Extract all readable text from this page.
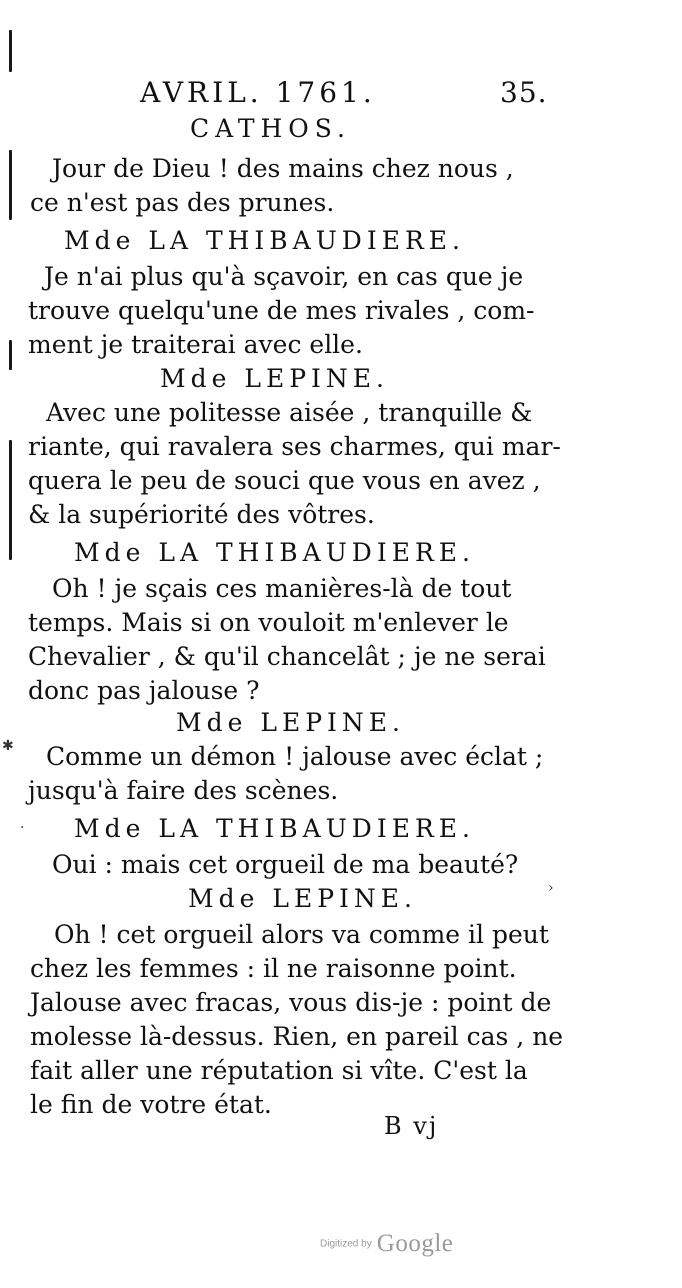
AVRIL. 1761.	35.
CATHOS.
Jour de Dieu ! des mains chez nous ,
ce n'est pas des prunes.
Mde LA THIBAUDIERE.
Je n'ai plus qu'à sçavoir, en cas que je
trouve quelqu'une de mes rivales , com-
ment je traiterai avec elle.
Mde LEPINE.
Avec une politesse aisée , tranquille &
riante, qui ravalera ses charmes, qui mar-
quera le peu de souci que vous en avez ,
& la supériorité des vôtres.
Mde LA THIBAUDIERE.
Oh ! je sçais ces manières-là de tout
temps. Mais si on vouloit m'enlever le
Chevalier , & qu'il chancelât ; je ne serai
donc pas jalouse ?
Mde LEPINE.
Comme un démon ! jalouse avec éclat ;
jusqu'à faire des scènes.
Mde LA THIBAUDIERE.
Oui : mais cet orgueil de ma beauté?
Mde LEPINE.
Oh ! cet orgueil alors va comme il peut
chez les femmes : il ne raisonne point.
Jalouse avec fracas, vous dis-je : point de
molesse là-dessus. Rien, en pareil cas , ne
fait aller une réputation si vîte. C'est la
le fin de votre état.
B vj
✱
·
›
Digitized by Google
